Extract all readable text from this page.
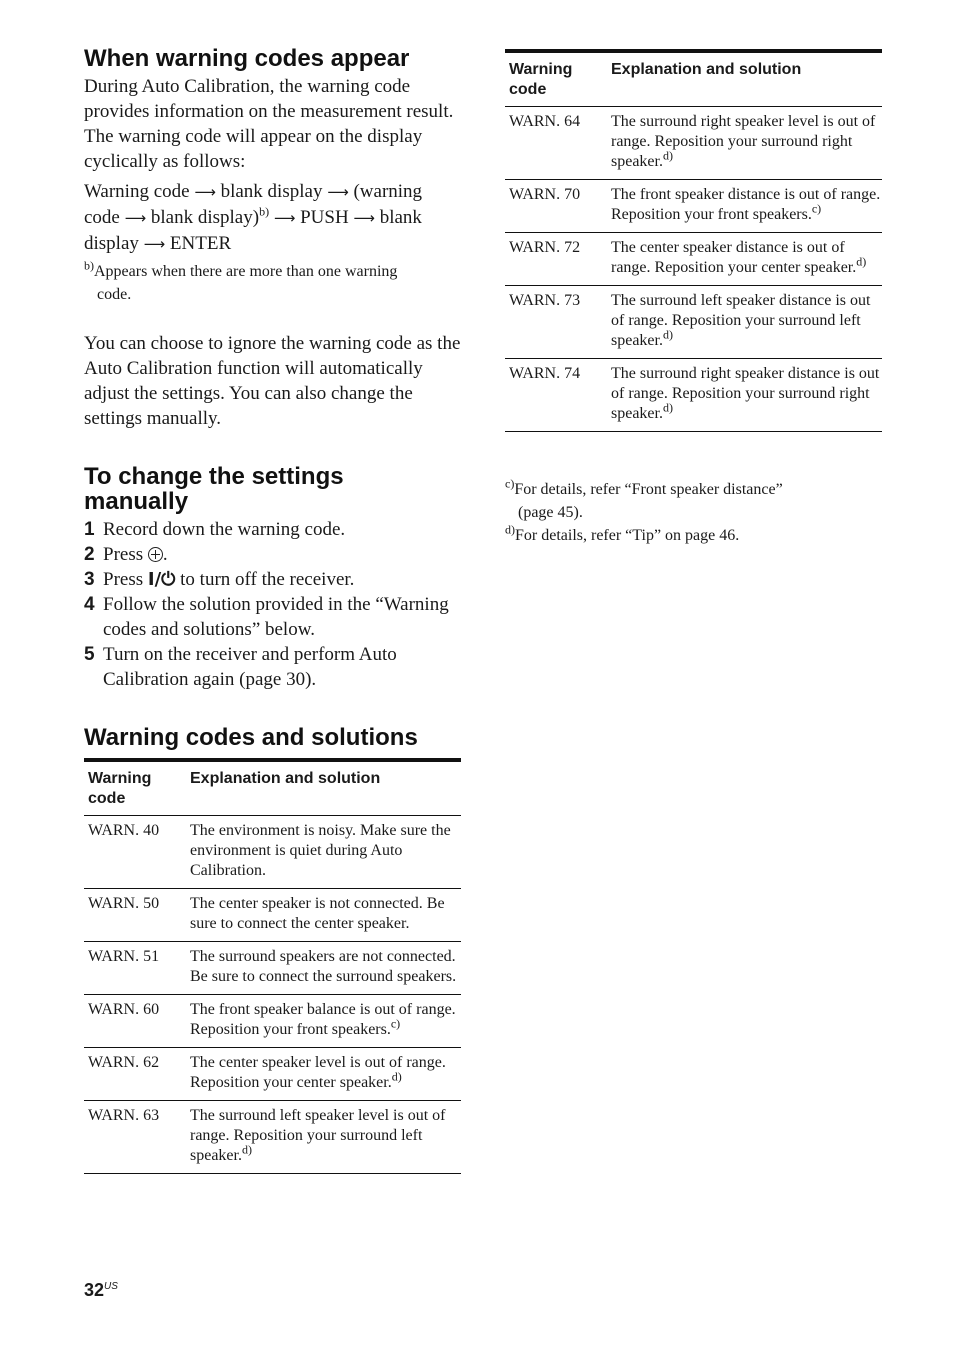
When warning codes appear

During Auto Calibration, the warning code provides information on the measurement result. The warning code will appear on the display cyclically as follows:

Warning code ⟶ blank display ⟶ (warning code ⟶ blank display)$^{b)}$ ⟶ PUSH ⟶ blank display ⟶ ENTER

$^{b)}$Appears when there are more than one warning
code.

You can choose to ignore the warning code as the Auto Calibration function will automatically adjust the settings. You can also change the settings manually.

To change the settings
manually
1 Record down the warning code.
2 Press .
3 Press I/⏻ to turn off the receiver.
4 Follow the solution provided in the “Warning codes and solutions” below.
5 Turn on the receiver and perform Auto Calibration again (page 30).
Warning codes and solutions
Warning code	Explanation and solution
WARN. 40	The environment is noisy. Make sure the environment is quiet during Auto Calibration.
WARN. 50	The center speaker is not connected. Be sure to connect the center speaker.
WARN. 51	The surround speakers are not connected. Be sure to connect the surround speakers.
WARN. 60	The front speaker balance is out of range. Reposition your front speakers.$^{c)}$
WARN. 62	The center speaker level is out of range. Reposition your center speaker.$^{d)}$
WARN. 63	The surround left speaker level is out of range. Reposition your surround left speaker.$^{d)}$
Warning code	Explanation and solution
WARN. 64	The surround right speaker level is out of range. Reposition your surround right speaker.$^{d)}$
WARN. 70	The front speaker distance is out of range. Reposition your front speakers.$^{c)}$
WARN. 72	The center speaker distance is out of range. Reposition your center speaker.$^{d)}$
WARN. 73	The surround left speaker distance is out of range. Reposition your surround left speaker.$^{d)}$
WARN. 74	The surround right speaker distance is out of range. Reposition your surround right speaker.$^{d)}$

$^{c)}$For details, refer “Front speaker distance”
(page 45).

$^{d)}$For details, refer “Tip” on page 46.

$32^{US}$
